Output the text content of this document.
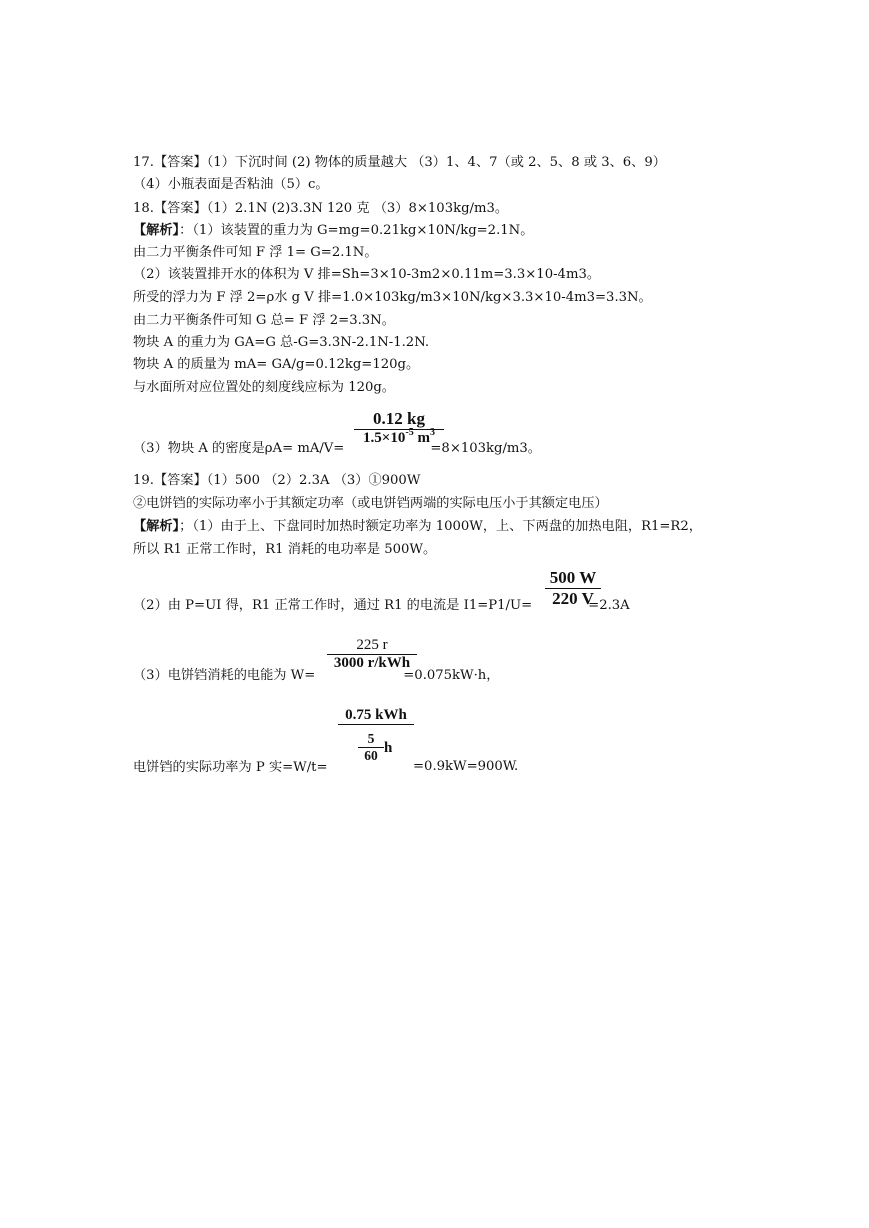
17.【答案】（1）下沉时间 (2) 物体的质量越大 （3）1、4、7（或 2、5、8 或 3、6、9）
（4）小瓶表面是否粘油（5）c。
18.【答案】（1）2.1N (2)3.3N 120 克 （3）8×103kg/m3。
【解析】：（1）该装置的重力为 G=mg=0.21kg×10N/kg=2.1N。
由二力平衡条件可知 F 浮 1= G=2.1N。
（2）该装置排开水的体积为 V 排=Sh=3×10-3m2×0.11m=3.3×10-4m3。
所受的浮力为 F 浮 2=ρ水 g V 排=1.0×103kg/m3×10N/kg×3.3×10-4m3=3.3N。
由二力平衡条件可知 G 总= F 浮 2=3.3N。
物块 A 的重力为 GA=G 总-G=3.3N-2.1N-1.2N.
物块 A 的质量为 mA= GA/g=0.12kg=120g。
与水面所对应位置处的刻度线应标为 120g。
（3）物块 A 的密度是ρA= mA/V=	=8×103kg/m3。
0.12 kg
$1.5\times 10^{-5}$ $m^3$
19.【答案】（1）500 （2）2.3A （3）①900W
②电饼铛的实际功率小于其额定功率（或电饼铛两端的实际电压小于其额定电压）
【解析】；（1）由于上、下盘同时加热时额定功率为 1000W，上、下两盘的加热电阻，R1=R2，
所以 R1 正常工作时，R1 消耗的电功率是 500W。
（2）由 P=UI 得，R1 正常工作时，通过 R1 的电流是 I1=P1/U=	=2.3A
500 W
220 V
（3）电饼铛消耗的电能为 W=	=0.075kW·h，
225 r
3000 r/kWh
电饼铛的实际功率为 P 实=W/t=	=0.9kW=900W.
0.75 kWh
5
60 h
